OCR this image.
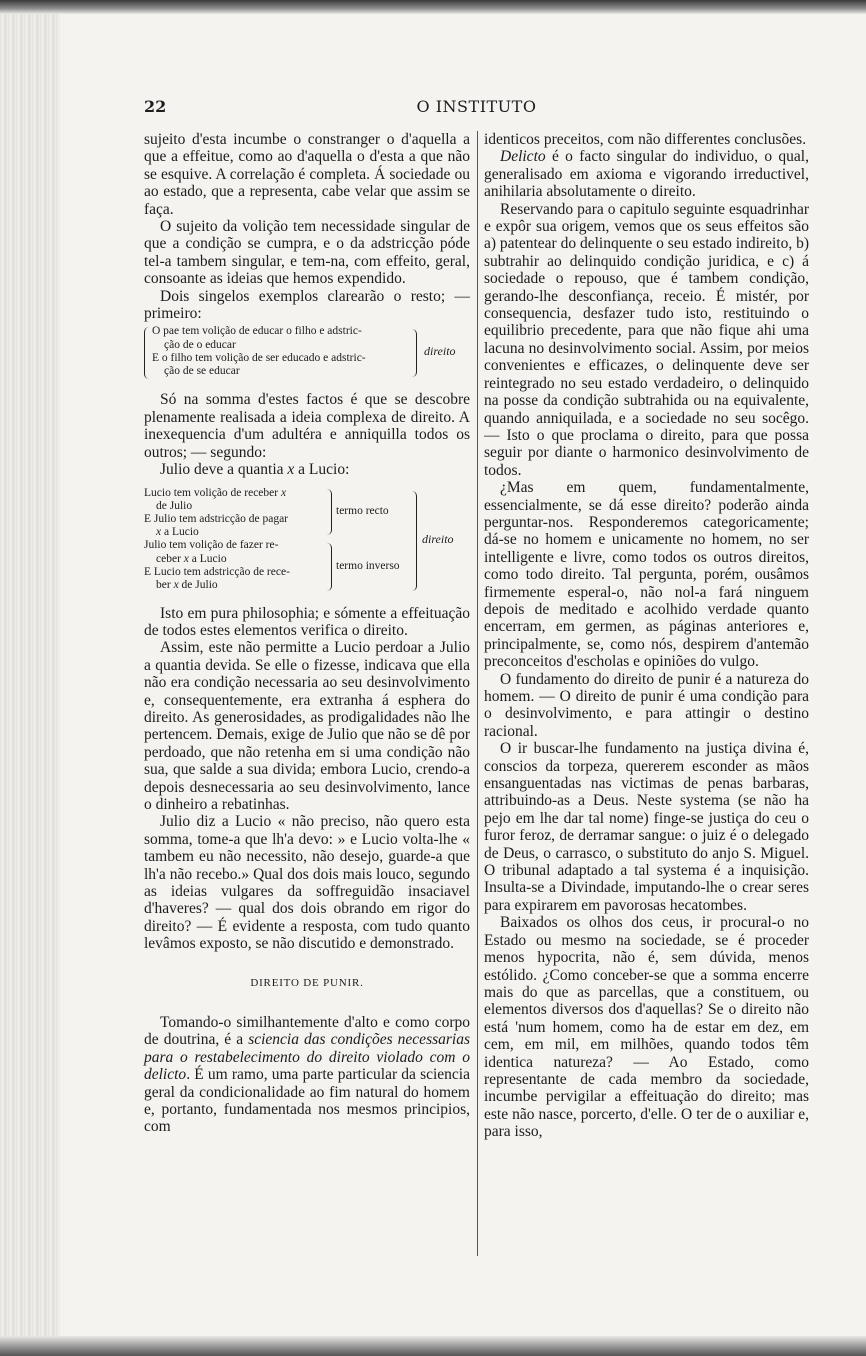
22	O INSTITUTO

sujeito d'esta incumbe o constranger o d'aquella a que a effeitue, como ao d'aquella o d'esta a que não se esquive. A correlação é completa. Á sociedade ou ao estado, que a representa, cabe velar que assim se faça.

O sujeito da volição tem necessidade singular de que a condição se cumpra, e o da adstricção póde tel-a tambem singular, e tem-na, com effeito, geral, consoante as ideias que hemos expendido.

Dois singelos exemplos clarearão o resto; — primeiro:

O pae tem volição de educar o filho e adstric-
ção de o educar
E o filho tem volição de ser educado e adstric-
ção de se educar
direito

Só na somma d'estes factos é que se descobre plenamente realisada a ideia complexa de direito. A inexequencia d'um adultéra e anniquilla todos os outros; — segundo:

Julio deve a quantia x a Lucio:

Lucio tem volição de receber x
de Julio
E Julio tem adstricção de pagar
x a Lucio
Julio tem volição de fazer re-
ceber x a Lucio
E Lucio tem adstricção de rece-
ber x de Julio
termo recto
termo inverso
direito

Isto em pura philosophia; e sómente a effeituação de todos estes elementos verifica o direito.

Assim, este não permitte a Lucio perdoar a Julio a quantia devida. Se elle o fizesse, indicava que ella não era condição necessaria ao seu desinvolvimento e, consequentemente, era extranha á esphera do direito. As generosidades, as prodigalidades não lhe pertencem. Demais, exige de Julio que não se dê por perdoado, que não retenha em si uma condição não sua, que salde a sua divida; embora Lucio, crendo-a depois desnecessaria ao seu desinvolvimento, lance o dinheiro a rebatinhas.

Julio diz a Lucio « não preciso, não quero esta somma, tome-a que lh'a devo: » e Lucio volta-lhe « tambem eu não necessito, não desejo, guarde-a que lh'a não recebo.» Qual dos dois mais louco, segundo as ideias vulgares da soffreguidão insaciavel d'haveres? — qual dos dois obrando em rigor do direito? — É evidente a resposta, com tudo quanto levâmos exposto, se não discutido e demonstrado.

DIREITO DE PUNIR.

Tomando-o similhantemente d'alto e como corpo de doutrina, é a sciencia das condições necessarias para o restabelecimento do direito violado com o delicto. É um ramo, uma parte particular da sciencia geral da condicionalidade ao fim natural do homem e, portanto, fundamentada nos mesmos principios, com

identicos preceitos, com não differentes conclusões.

Delicto é o facto singular do individuo, o qual, generalisado em axioma e vigorando irreductivel, anihilaria absolutamente o direito.

Reservando para o capitulo seguinte esquadrinhar e expôr sua origem, vemos que os seus effeitos são a) patentear do delinquente o seu estado indireito, b) subtrahir ao delinquido condição juridica, e c) á sociedade o repouso, que é tambem condição, gerando-lhe desconfiança, receio. É mistér, por consequencia, desfazer tudo isto, restituindo o equilibrio precedente, para que não fique ahi uma lacuna no desinvolvimento social. Assim, por meios convenientes e efficazes, o delinquente deve ser reintegrado no seu estado verdadeiro, o delinquido na posse da condição subtrahida ou na equivalente, quando anniquilada, e a sociedade no seu socêgo. — Isto o que proclama o direito, para que possa seguir por diante o harmonico desinvolvimento de todos.

¿Mas em quem, fundamentalmente, essencialmente, se dá esse direito? poderão ainda perguntar-nos. Responderemos categoricamente; dá-se no homem e unicamente no homem, no ser intelligente e livre, como todos os outros direitos, como todo direito. Tal pergunta, porém, ousâmos firmemente esperal-o, não nol-a fará ninguem depois de meditado e acolhido verdade quanto encerram, em germen, as páginas anteriores e, principalmente, se, como nós, despirem d'antemão preconceitos d'escholas e opiniões do vulgo.

O fundamento do direito de punir é a natureza do homem. — O direito de punir é uma condição para o desinvolvimento, e para attingir o destino racional.

O ir buscar-lhe fundamento na justiça divina é, conscios da torpeza, quererem esconder as mãos ensanguentadas nas victimas de penas barbaras, attribuindo-as a Deus. Neste systema (se não ha pejo em lhe dar tal nome) finge-se justiça do ceu o furor feroz, de derramar sangue: o juiz é o delegado de Deus, o carrasco, o substituto do anjo S. Miguel. O tribunal adaptado a tal systema é a inquisição. Insulta-se a Divindade, imputando-lhe o crear seres para expirarem em pavorosas hecatombes.

Baixados os olhos dos ceus, ir procural-o no Estado ou mesmo na sociedade, se é proceder menos hypocrita, não é, sem dúvida, menos estólido. ¿Como conceber-se que a somma encerre mais do que as parcellas, que a constituem, ou elementos diversos dos d'aquellas? Se o direito não está 'num homem, como ha de estar em dez, em cem, em mil, em milhões, quando todos têm identica natureza? — Ao Estado, como representante de cada membro da sociedade, incumbe pervigilar a effeituação do direito; mas este não nasce, porcerto, d'elle. O ter de o auxiliar e, para isso,
